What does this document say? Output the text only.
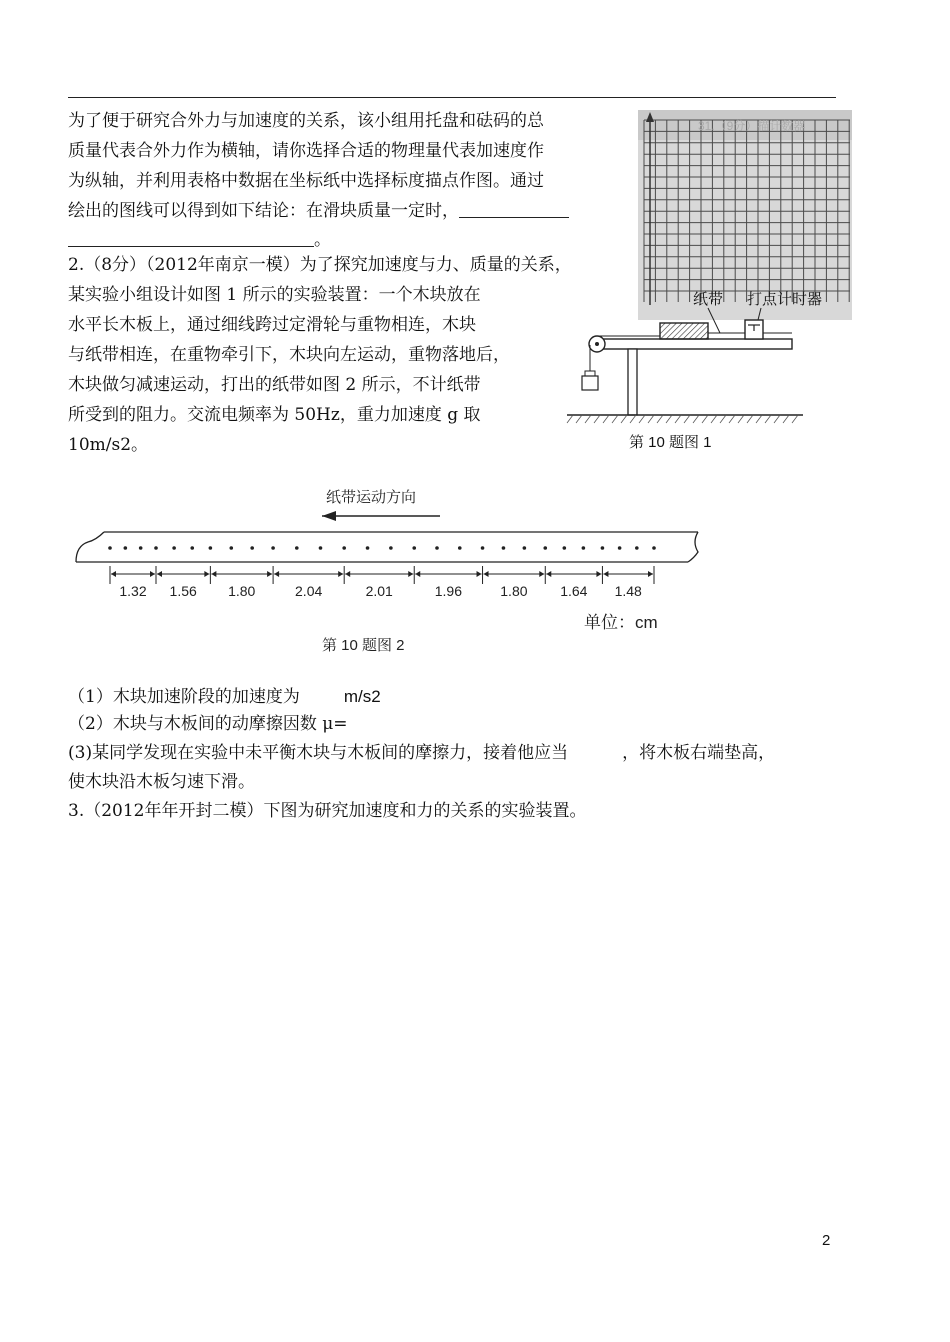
为了便于研究合外力与加速度的关系，该小组用托盘和砝码的总
质量代表合外力作为横轴，请你选择合适的物理量代表加速度作
为纵轴，并利用表格中数据在坐标纸中选择标度描点作图。通过
绘出的图线可以得到如下结论：在滑块质量一定时，
。
31.（9分）描计数器
纸带 打点计时器
第 10 题图 1
2.（8分）（2012年南京一模）为了探究加速度与力、质量的关系，
某实验小组设计如图 1 所示的实验装置：一个木块放在
水平长木板上，通过细线跨过定滑轮与重物相连，木块
与纸带相连，在重物牵引下，木块向左运动，重物落地后，
木块做匀减速运动，打出的纸带如图 2 所示，不计纸带
所受到的阻力。交流电频率为 50Hz，重力加速度 g 取
10m/s2。
纸带运动方向
1.32 1.56 1.80	2.04	2.01	1.96	1.80 1.64 1.48
单位：cm
第 10 题图 2
（1）木块加速阶段的加速度为	m/s2
（2）木块与木板间的动摩擦因数 μ=
(3)某同学发现在实验中未平衡木块与木板间的摩擦力，接着他应当	，将木板右端垫高，
使木块沿木板匀速下滑。
3.（2012年年开封二模）下图为研究加速度和力的关系的实验装置。
2
